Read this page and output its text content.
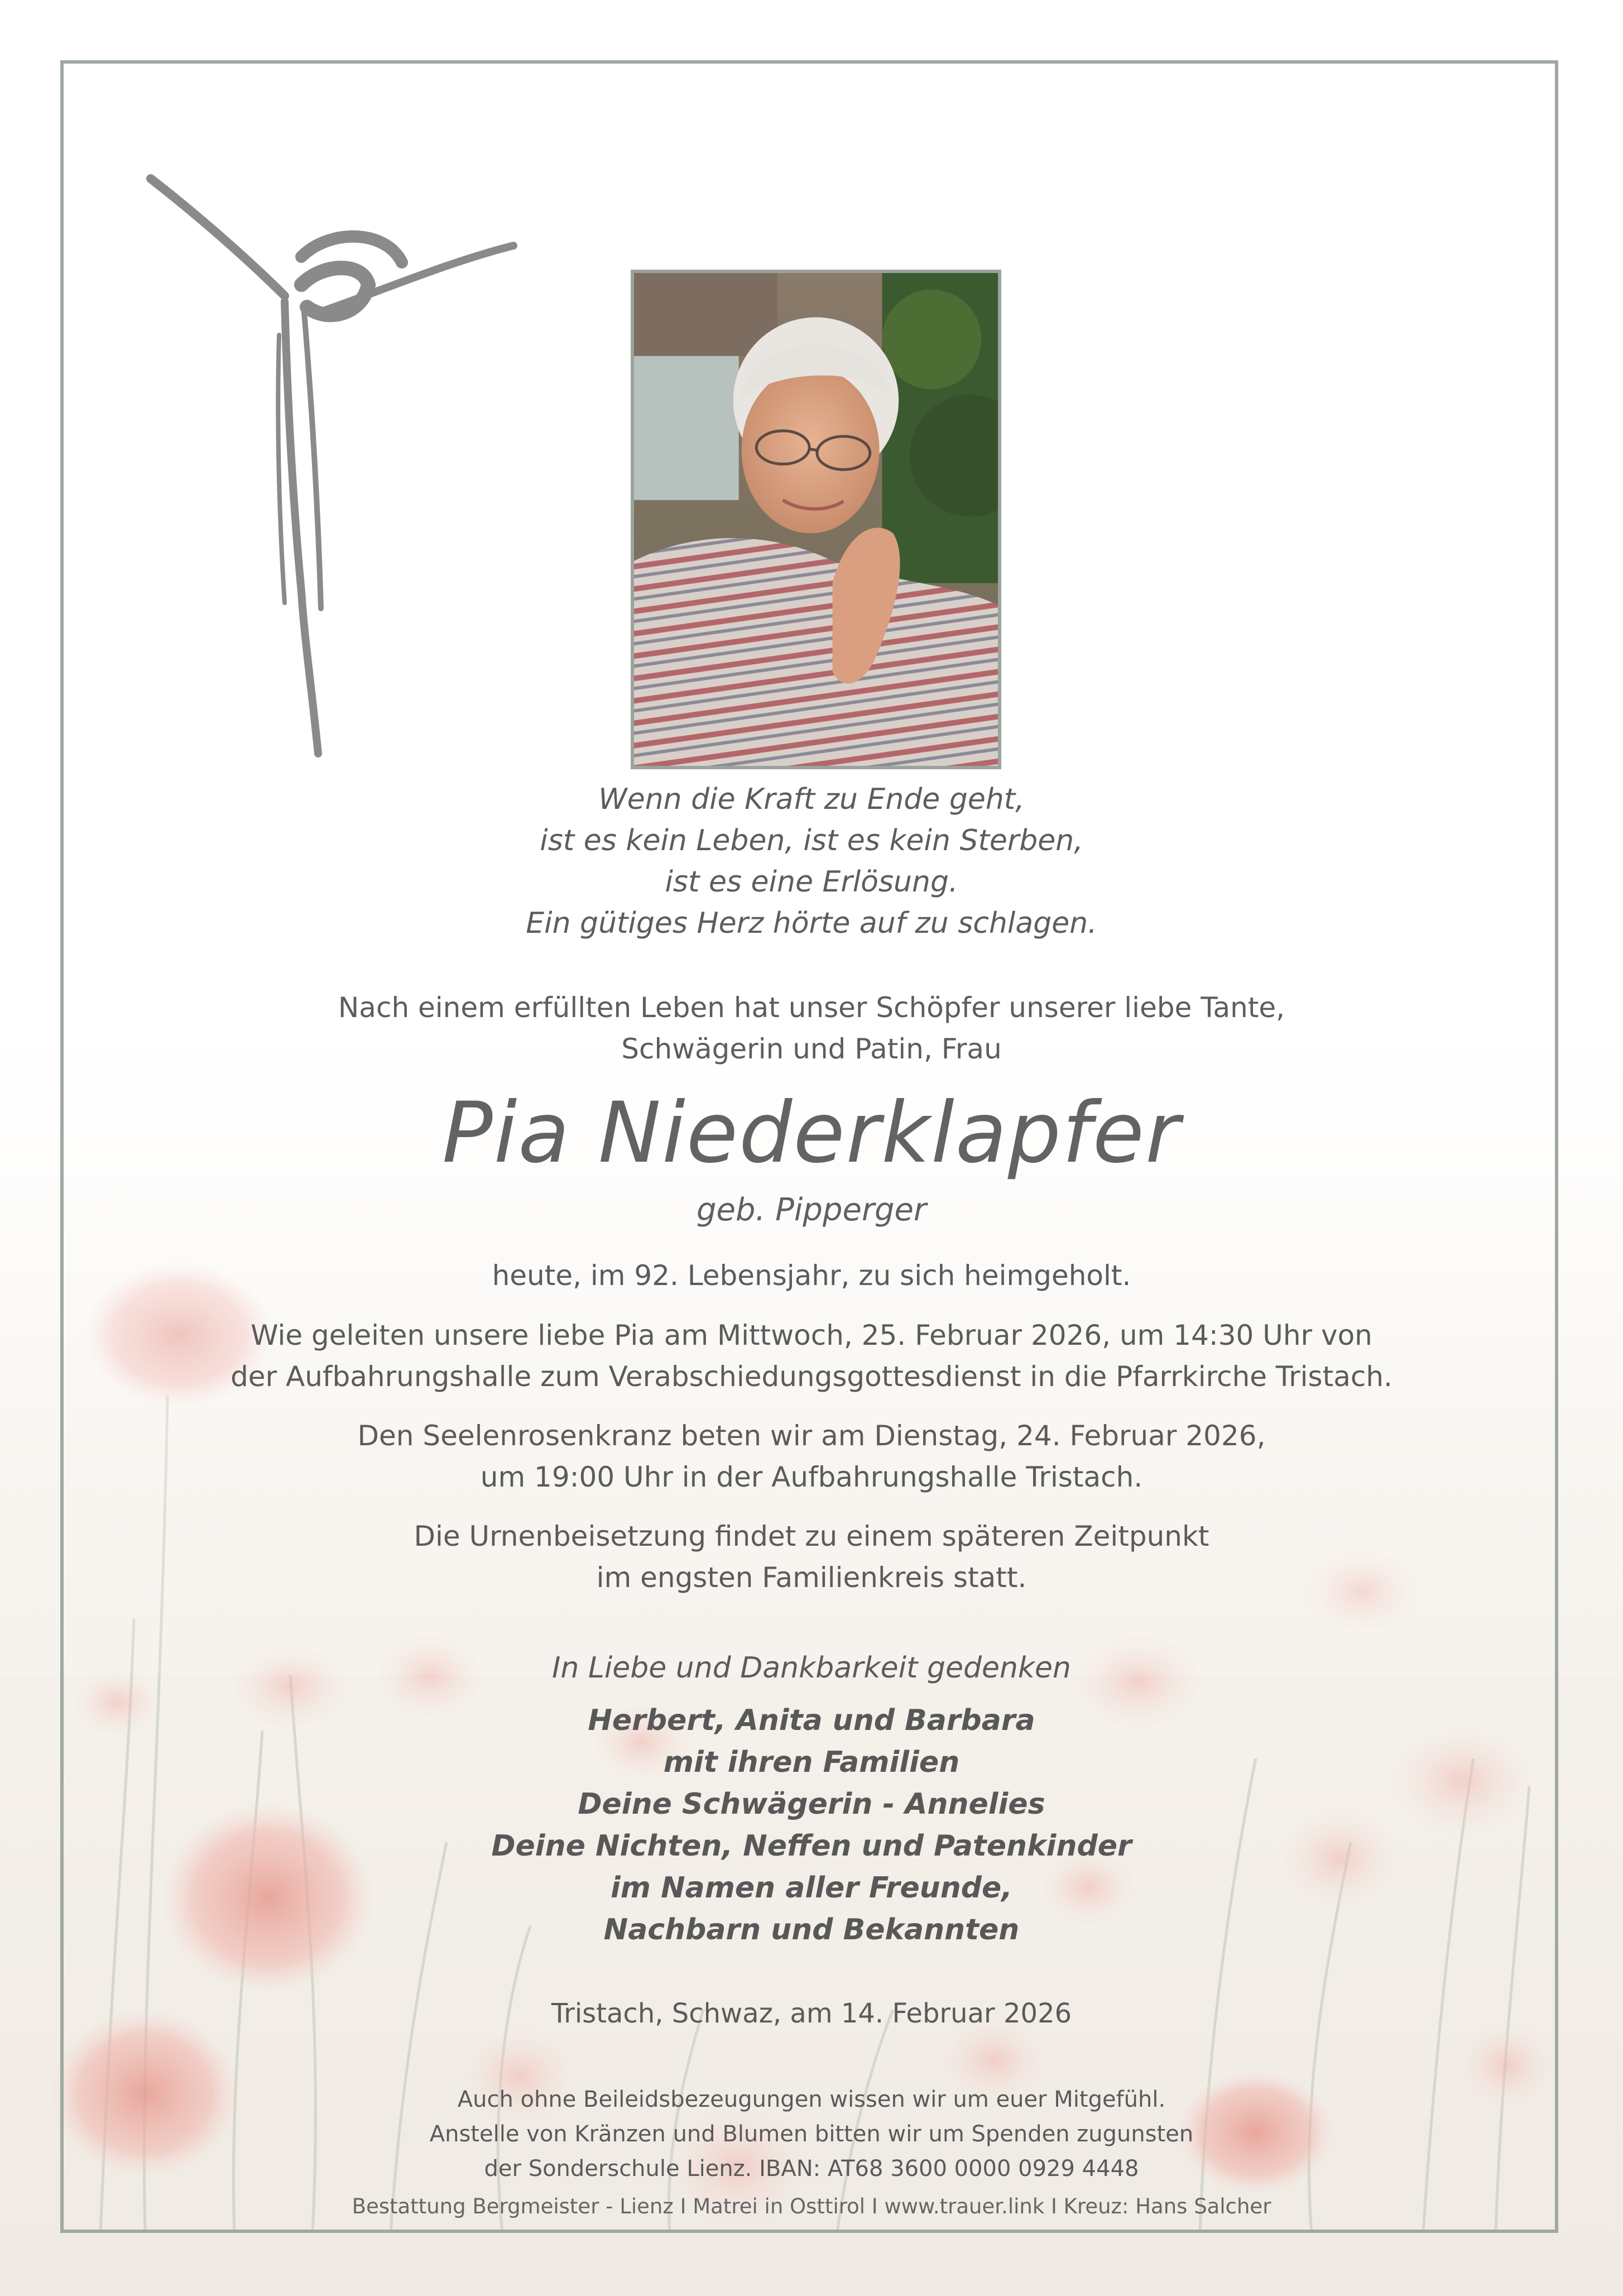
Wenn die Kraft zu Ende geht,
ist es kein Leben, ist es kein Sterben,
ist es eine Erlösung.
Ein gütiges Herz hörte auf zu schlagen.
Nach einem erfüllten Leben hat unser Schöpfer unserer liebe Tante,
Schwägerin und Patin, Frau
Pia Niederklapfer
geb. Pipperger
heute, im 92. Lebensjahr, zu sich heimgeholt.
Wie geleiten unsere liebe Pia am Mittwoch, 25. Februar 2026, um 14:30 Uhr von
der Aufbahrungshalle zum Verabschiedungsgottesdienst in die Pfarrkirche Tristach.
Den Seelenrosenkranz beten wir am Dienstag, 24. Februar 2026,
um 19:00 Uhr in der Aufbahrungshalle Tristach.
Die Urnenbeisetzung findet zu einem späteren Zeitpunkt
im engsten Familienkreis statt.
In Liebe und Dankbarkeit gedenken
Herbert, Anita und Barbara
mit ihren Familien
Deine Schwägerin - Annelies
Deine Nichten, Neffen und Patenkinder
im Namen aller Freunde,
Nachbarn und Bekannten
Tristach, Schwaz, am 14. Februar 2026
Auch ohne Beileidsbezeugungen wissen wir um euer Mitgefühl.
Anstelle von Kränzen und Blumen bitten wir um Spenden zugunsten
der Sonderschule Lienz. IBAN: AT68 3600 0000 0929 4448
Bestattung Bergmeister - Lienz I Matrei in Osttirol I www.trauer.link I Kreuz: Hans Salcher
